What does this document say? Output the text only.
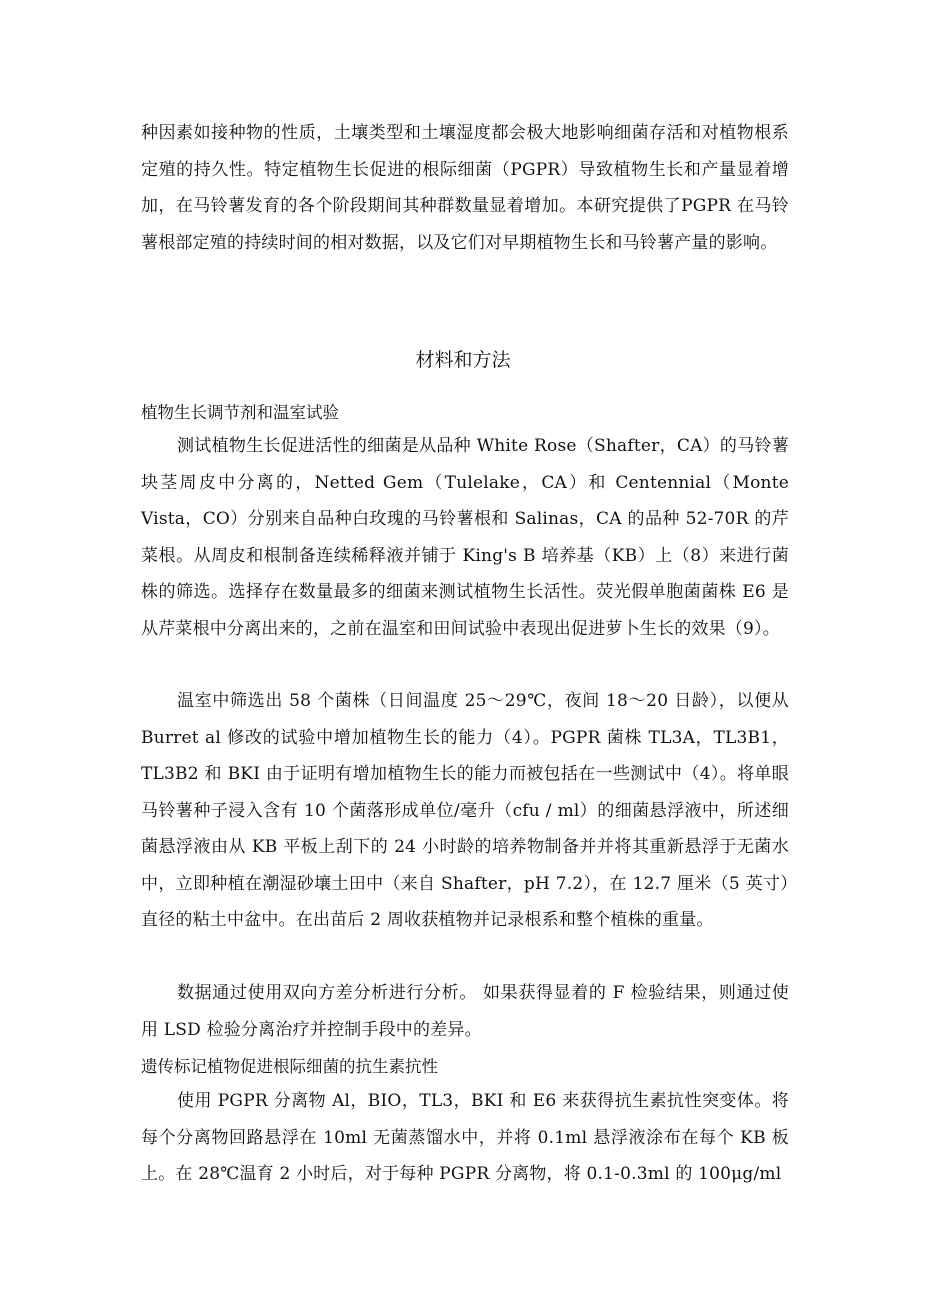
种因素如接种物的性质，土壤类型和土壤湿度都会极大地影响细菌存活和对植物根系定殖的持久性。特定植物生长促进的根际细菌（PGPR）导致植物生长和产量显着增加，在马铃薯发育的各个阶段期间其种群数量显着增加。本研究提供了PGPR 在马铃薯根部定殖的持续时间的相对数据，以及它们对早期植物生长和马铃薯产量的影响。

材料和方法
植物生长调节剂和温室试验

测试植物生长促进活性的细菌是从品种 White Rose（Shafter，CA）的马铃薯块茎周皮中分离的，Netted Gem（Tulelake，CA）和 Centennial（Monte Vista，CO）分别来自品种白玫瑰的马铃薯根和 Salinas，CA 的品种 52-70R 的芹菜根。从周皮和根制备连续稀释液并铺于 King's B 培养基（KB）上（8）来进行菌株的筛选。选择存在数量最多的细菌来测试植物生长活性。荧光假单胞菌菌株 E6 是从芹菜根中分离出来的，之前在温室和田间试验中表现出促进萝卜生长的效果（9）。

温室中筛选出 58 个菌株（日间温度 25～29℃，夜间 18～20 日龄），以便从 Burret al 修改的试验中增加植物生长的能力（4）。PGPR 菌株 TL3A，TL3B1，TL3B2 和 BKI 由于证明有增加植物生长的能力而被包括在一些测试中（4）。将单眼马铃薯种子浸入含有 10 个菌落形成单位/毫升（cfu / ml）的细菌悬浮液中，所述细菌悬浮液由从 KB 平板上刮下的 24 小时龄的培养物制备并并将其重新悬浮于无菌水中，立即种植在潮湿砂壤土田中（来自 Shafter，pH 7.2），在 12.7 厘米（5 英寸）直径的粘土中盆中。在出苗后 2 周收获植物并记录根系和整个植株的重量。

数据通过使用双向方差分析进行分析。 如果获得显着的 F 检验结果，则通过使用 LSD 检验分离治疗并控制手段中的差异。

遗传标记植物促进根际细菌的抗生素抗性

使用 PGPR 分离物 Al，BIO，TL3，BKI 和 E6 来获得抗生素抗性突变体。将每个分离物回路悬浮在 10ml 无菌蒸馏水中，并将 0.1ml 悬浮液涂布在每个 KB 板上。在 28℃温育 2 小时后，对于每种 PGPR 分离物，将 0.1-0.3ml 的 100μg/ml
